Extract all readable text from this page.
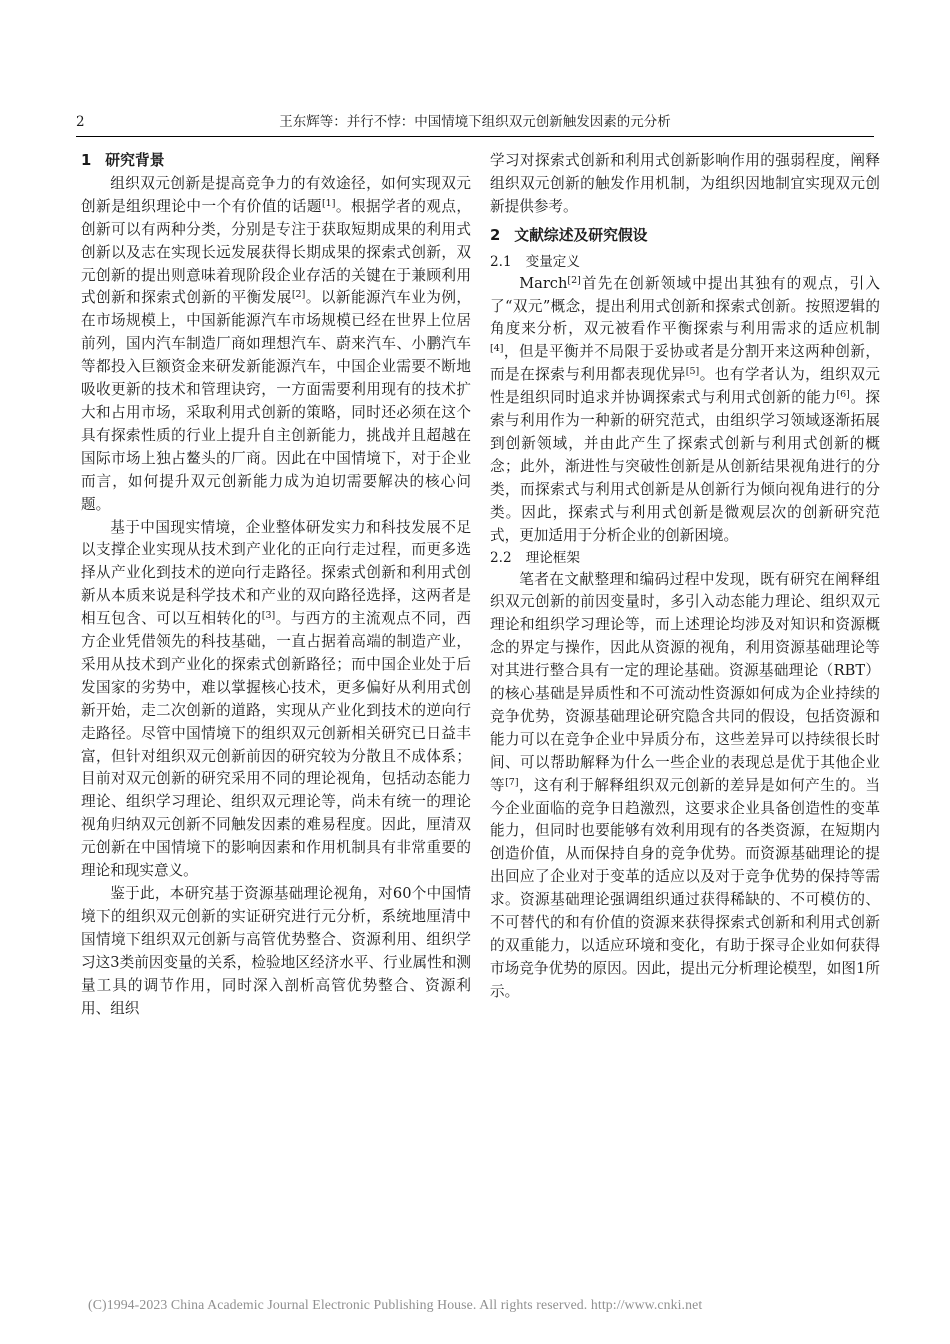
2	王东辉等：并行不悖：中国情境下组织双元创新触发因素的元分析
1 研究背景

组织双元创新是提高竞争力的有效途径，如何实现双元创新是组织理论中一个有价值的话题[1]。根据学者的观点，创新可以有两种分类，分别是专注于获取短期成果的利用式创新以及志在实现长远发展获得长期成果的探索式创新，双元创新的提出则意味着现阶段企业存活的关键在于兼顾利用式创新和探索式创新的平衡发展[2]。以新能源汽车业为例，在市场规模上，中国新能源汽车市场规模已经在世界上位居前列，国内汽车制造厂商如理想汽车、蔚来汽车、小鹏汽车等都投入巨额资金来研发新能源汽车，中国企业需要不断地吸收更新的技术和管理诀窍，一方面需要利用现有的技术扩大和占用市场，采取利用式创新的策略，同时还必须在这个具有探索性质的行业上提升自主创新能力，挑战并且超越在国际市场上独占鳌头的厂商。因此在中国情境下，对于企业而言，如何提升双元创新能力成为迫切需要解决的核心问题。

基于中国现实情境，企业整体研发实力和科技发展不足以支撑企业实现从技术到产业化的正向行走过程，而更多选择从产业化到技术的逆向行走路径。探索式创新和利用式创新从本质来说是科学技术和产业的双向路径选择，这两者是相互包含、可以互相转化的[3]。与西方的主流观点不同，西方企业凭借领先的科技基础，一直占据着高端的制造产业，采用从技术到产业化的探索式创新路径；而中国企业处于后发国家的劣势中，难以掌握核心技术，更多偏好从利用式创新开始，走二次创新的道路，实现从产业化到技术的逆向行走路径。尽管中国情境下的组织双元创新相关研究已日益丰富，但针对组织双元创新前因的研究较为分散且不成体系；目前对双元创新的研究采用不同的理论视角，包括动态能力理论、组织学习理论、组织双元理论等，尚未有统一的理论视角归纳双元创新不同触发因素的难易程度。因此，厘清双元创新在中国情境下的影响因素和作用机制具有非常重要的理论和现实意义。

鉴于此，本研究基于资源基础理论视角，对60个中国情境下的组织双元创新的实证研究进行元分析，系统地厘清中国情境下组织双元创新与高管优势整合、资源利用、组织学习这3类前因变量的关系，检验地区经济水平、行业属性和测量工具的调节作用，同时深入剖析高管优势整合、资源利用、组织

学习对探索式创新和利用式创新影响作用的强弱程度，阐释组织双元创新的触发作用机制，为组织因地制宜实现双元创新提供参考。

2 文献综述及研究假设
2.1 变量定义

March[2]首先在创新领域中提出其独有的观点，引入了“双元”概念，提出利用式创新和探索式创新。按照逻辑的角度来分析，双元被看作平衡探索与利用需求的适应机制[4]，但是平衡并不局限于妥协或者是分割开来这两种创新，而是在探索与利用都表现优异[5]。也有学者认为，组织双元性是组织同时追求并协调探索式与利用式创新的能力[6]。探索与利用作为一种新的研究范式，由组织学习领域逐渐拓展到创新领域，并由此产生了探索式创新与利用式创新的概念；此外，渐进性与突破性创新是从创新结果视角进行的分类，而探索式与利用式创新是从创新行为倾向视角进行的分类。因此，探索式与利用式创新是微观层次的创新研究范式，更加适用于分析企业的创新困境。

2.2 理论框架

笔者在文献整理和编码过程中发现，既有研究在阐释组织双元创新的前因变量时，多引入动态能力理论、组织双元理论和组织学习理论等，而上述理论均涉及对知识和资源概念的界定与操作，因此从资源的视角，利用资源基础理论等对其进行整合具有一定的理论基础。资源基础理论（RBT）的核心基础是异质性和不可流动性资源如何成为企业持续的竞争优势，资源基础理论研究隐含共同的假设，包括资源和能力可以在竞争企业中异质分布，这些差异可以持续很长时间、可以帮助解释为什么一些企业的表现总是优于其他企业等[7]，这有利于解释组织双元创新的差异是如何产生的。当今企业面临的竞争日趋激烈，这要求企业具备创造性的变革能力，但同时也要能够有效利用现有的各类资源，在短期内创造价值，从而保持自身的竞争优势。而资源基础理论的提出回应了企业对于变革的适应以及对于竞争优势的保持等需求。资源基础理论强调组织通过获得稀缺的、不可模仿的、不可替代的和有价值的资源来获得探索式创新和利用式创新的双重能力，以适应环境和变化，有助于探寻企业如何获得市场竞争优势的原因。因此，提出元分析理论模型，如图1所示。

(C)1994-2023 China Academic Journal Electronic Publishing House. All rights reserved. http://www.cnki.net
